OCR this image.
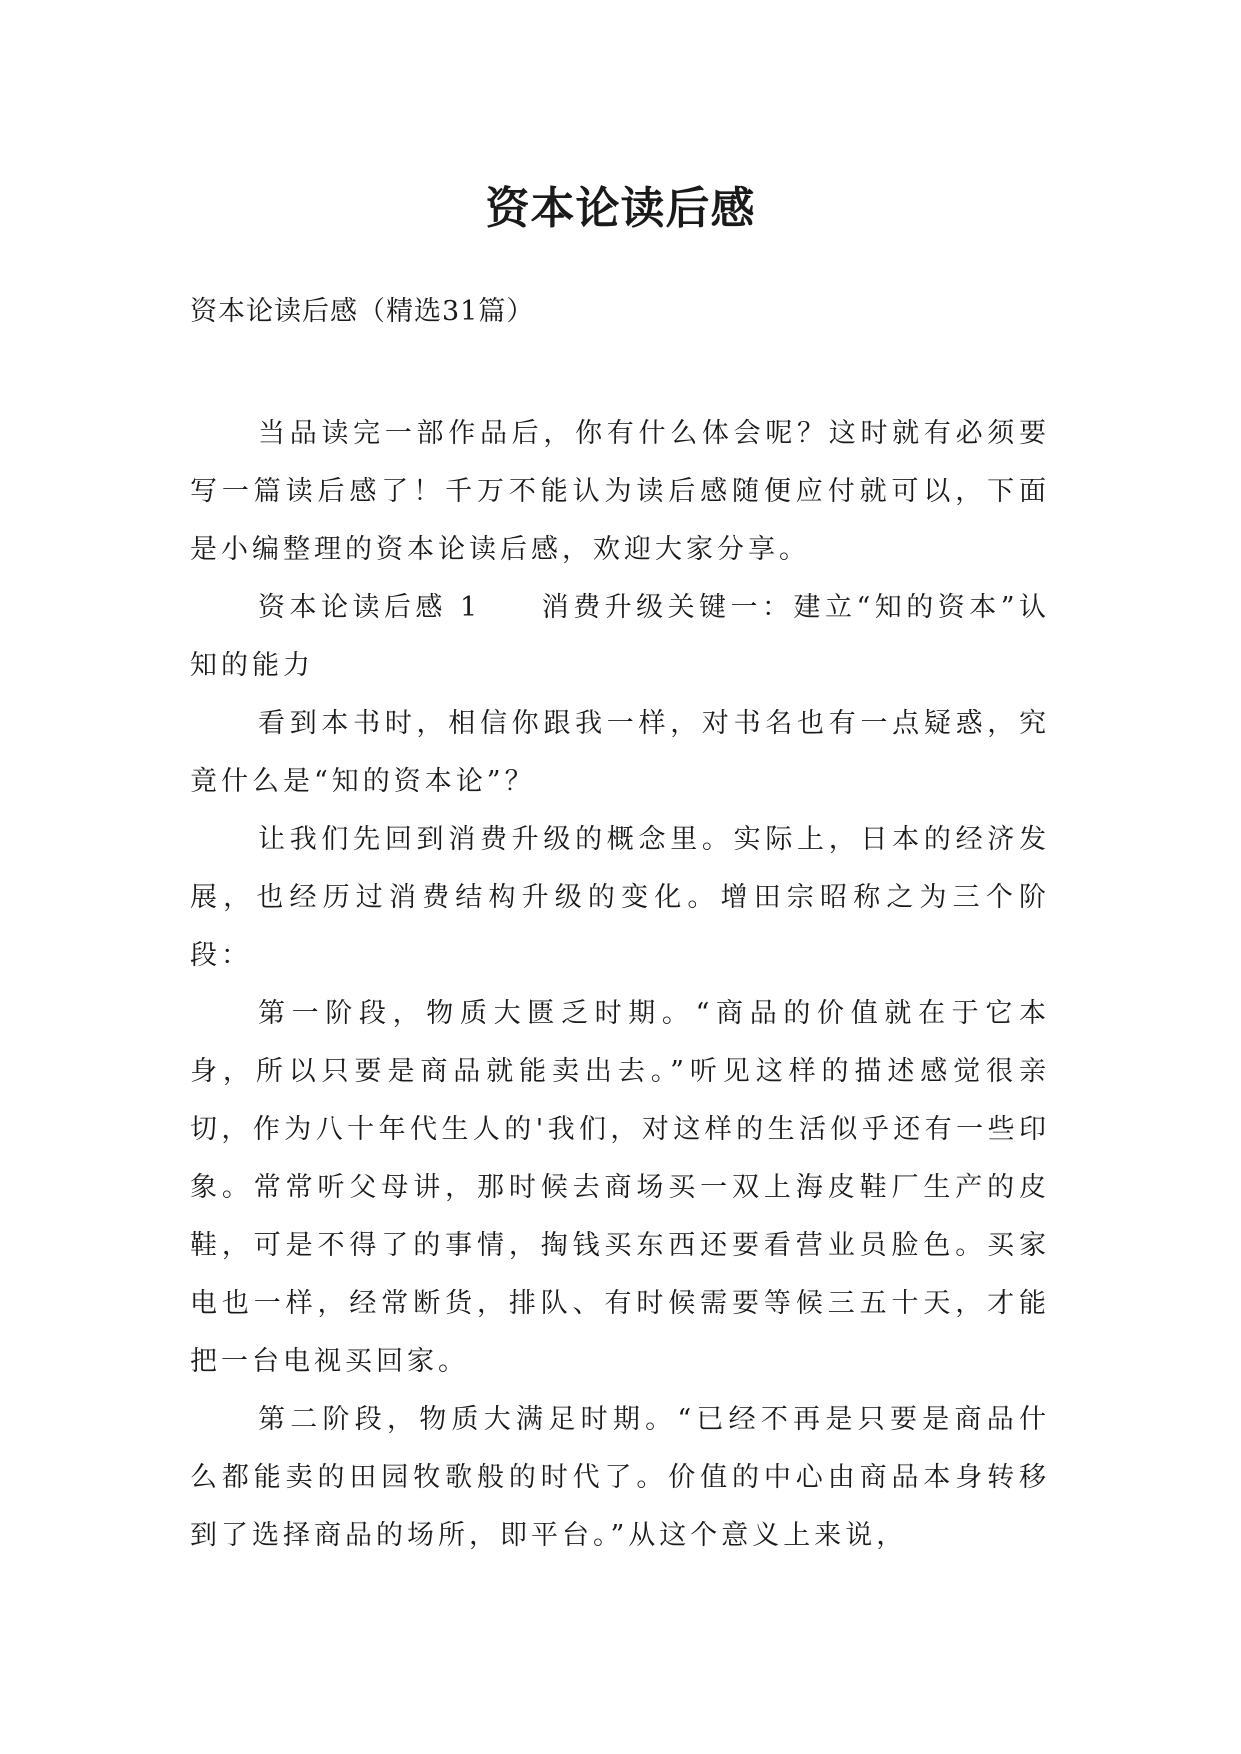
资本论读后感
资本论读后感（精选31篇）

当品读完一部作品后，你有什么体会呢？这时就有必须要写一篇读后感了！千万不能认为读后感随便应付就可以，下面是小编整理的资本论读后感，欢迎大家分享。

资本论读后感 1 消费升级关键一：建立“知的资本”认知的能力

看到本书时，相信你跟我一样，对书名也有一点疑惑，究竟什么是“知的资本论”？

让我们先回到消费升级的概念里。实际上，日本的经济发展，也经历过消费结构升级的变化。增田宗昭称之为三个阶段：

第一阶段，物质大匮乏时期。“商品的价值就在于它本身，所以只要是商品就能卖出去。”听见这样的描述感觉很亲切，作为八十年代生人的'我们，对这样的生活似乎还有一些印象。常常听父母讲，那时候去商场买一双上海皮鞋厂生产的皮鞋，可是不得了的事情，掏钱买东西还要看营业员脸色。买家电也一样，经常断货，排队、有时候需要等候三五十天，才能把一台电视买回家。

第二阶段，物质大满足时期。“已经不再是只要是商品什么都能卖的田园牧歌般的时代了。价值的中心由商品本身转移到了选择商品的场所，即平台。”从这个意义上来说，
